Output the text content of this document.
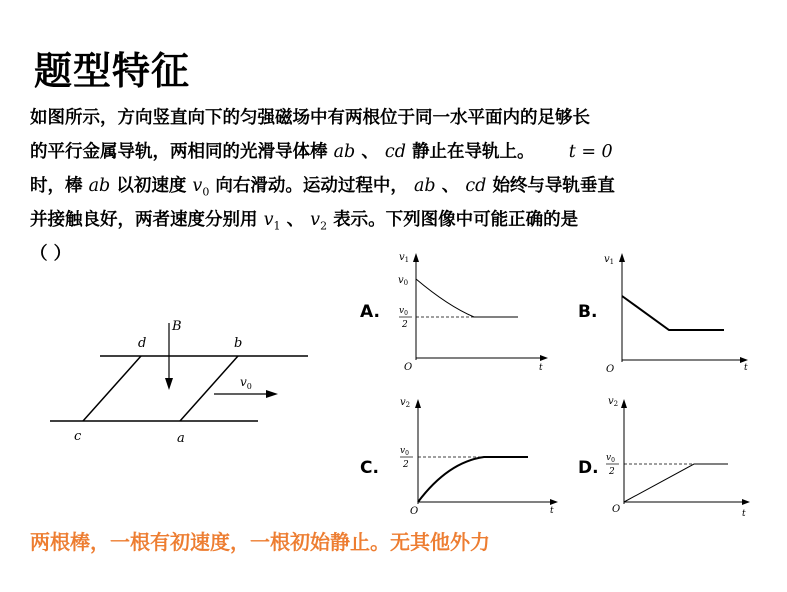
题型特征
如图所示，方向竖直向下的匀强磁场中有两根位于同一水平面内的足够长
的平行金属导轨，两相同的光滑导体棒 ab 、 cd 静止在导轨上。 t = 0
时，棒 ab 以初速度 $v_0$ 向右滑动。运动过程中， ab 、 cd 始终与导轨垂直
并接触良好，两者速度分别用 $v_1$ 、 $v_2$ 表示。下列图像中可能正确的是
（ ）
d	b
c	a
B
$v_0$
A.	B.
C.	D.
$v_1$
$v_0$
$v_0$
2
O	t
$v_1$
O	t
$v_2$
$v_0$
2
O	t
$v_2$
$v_0$
2
O	t
两根棒，一根有初速度，一根初始静止。无其他外力
